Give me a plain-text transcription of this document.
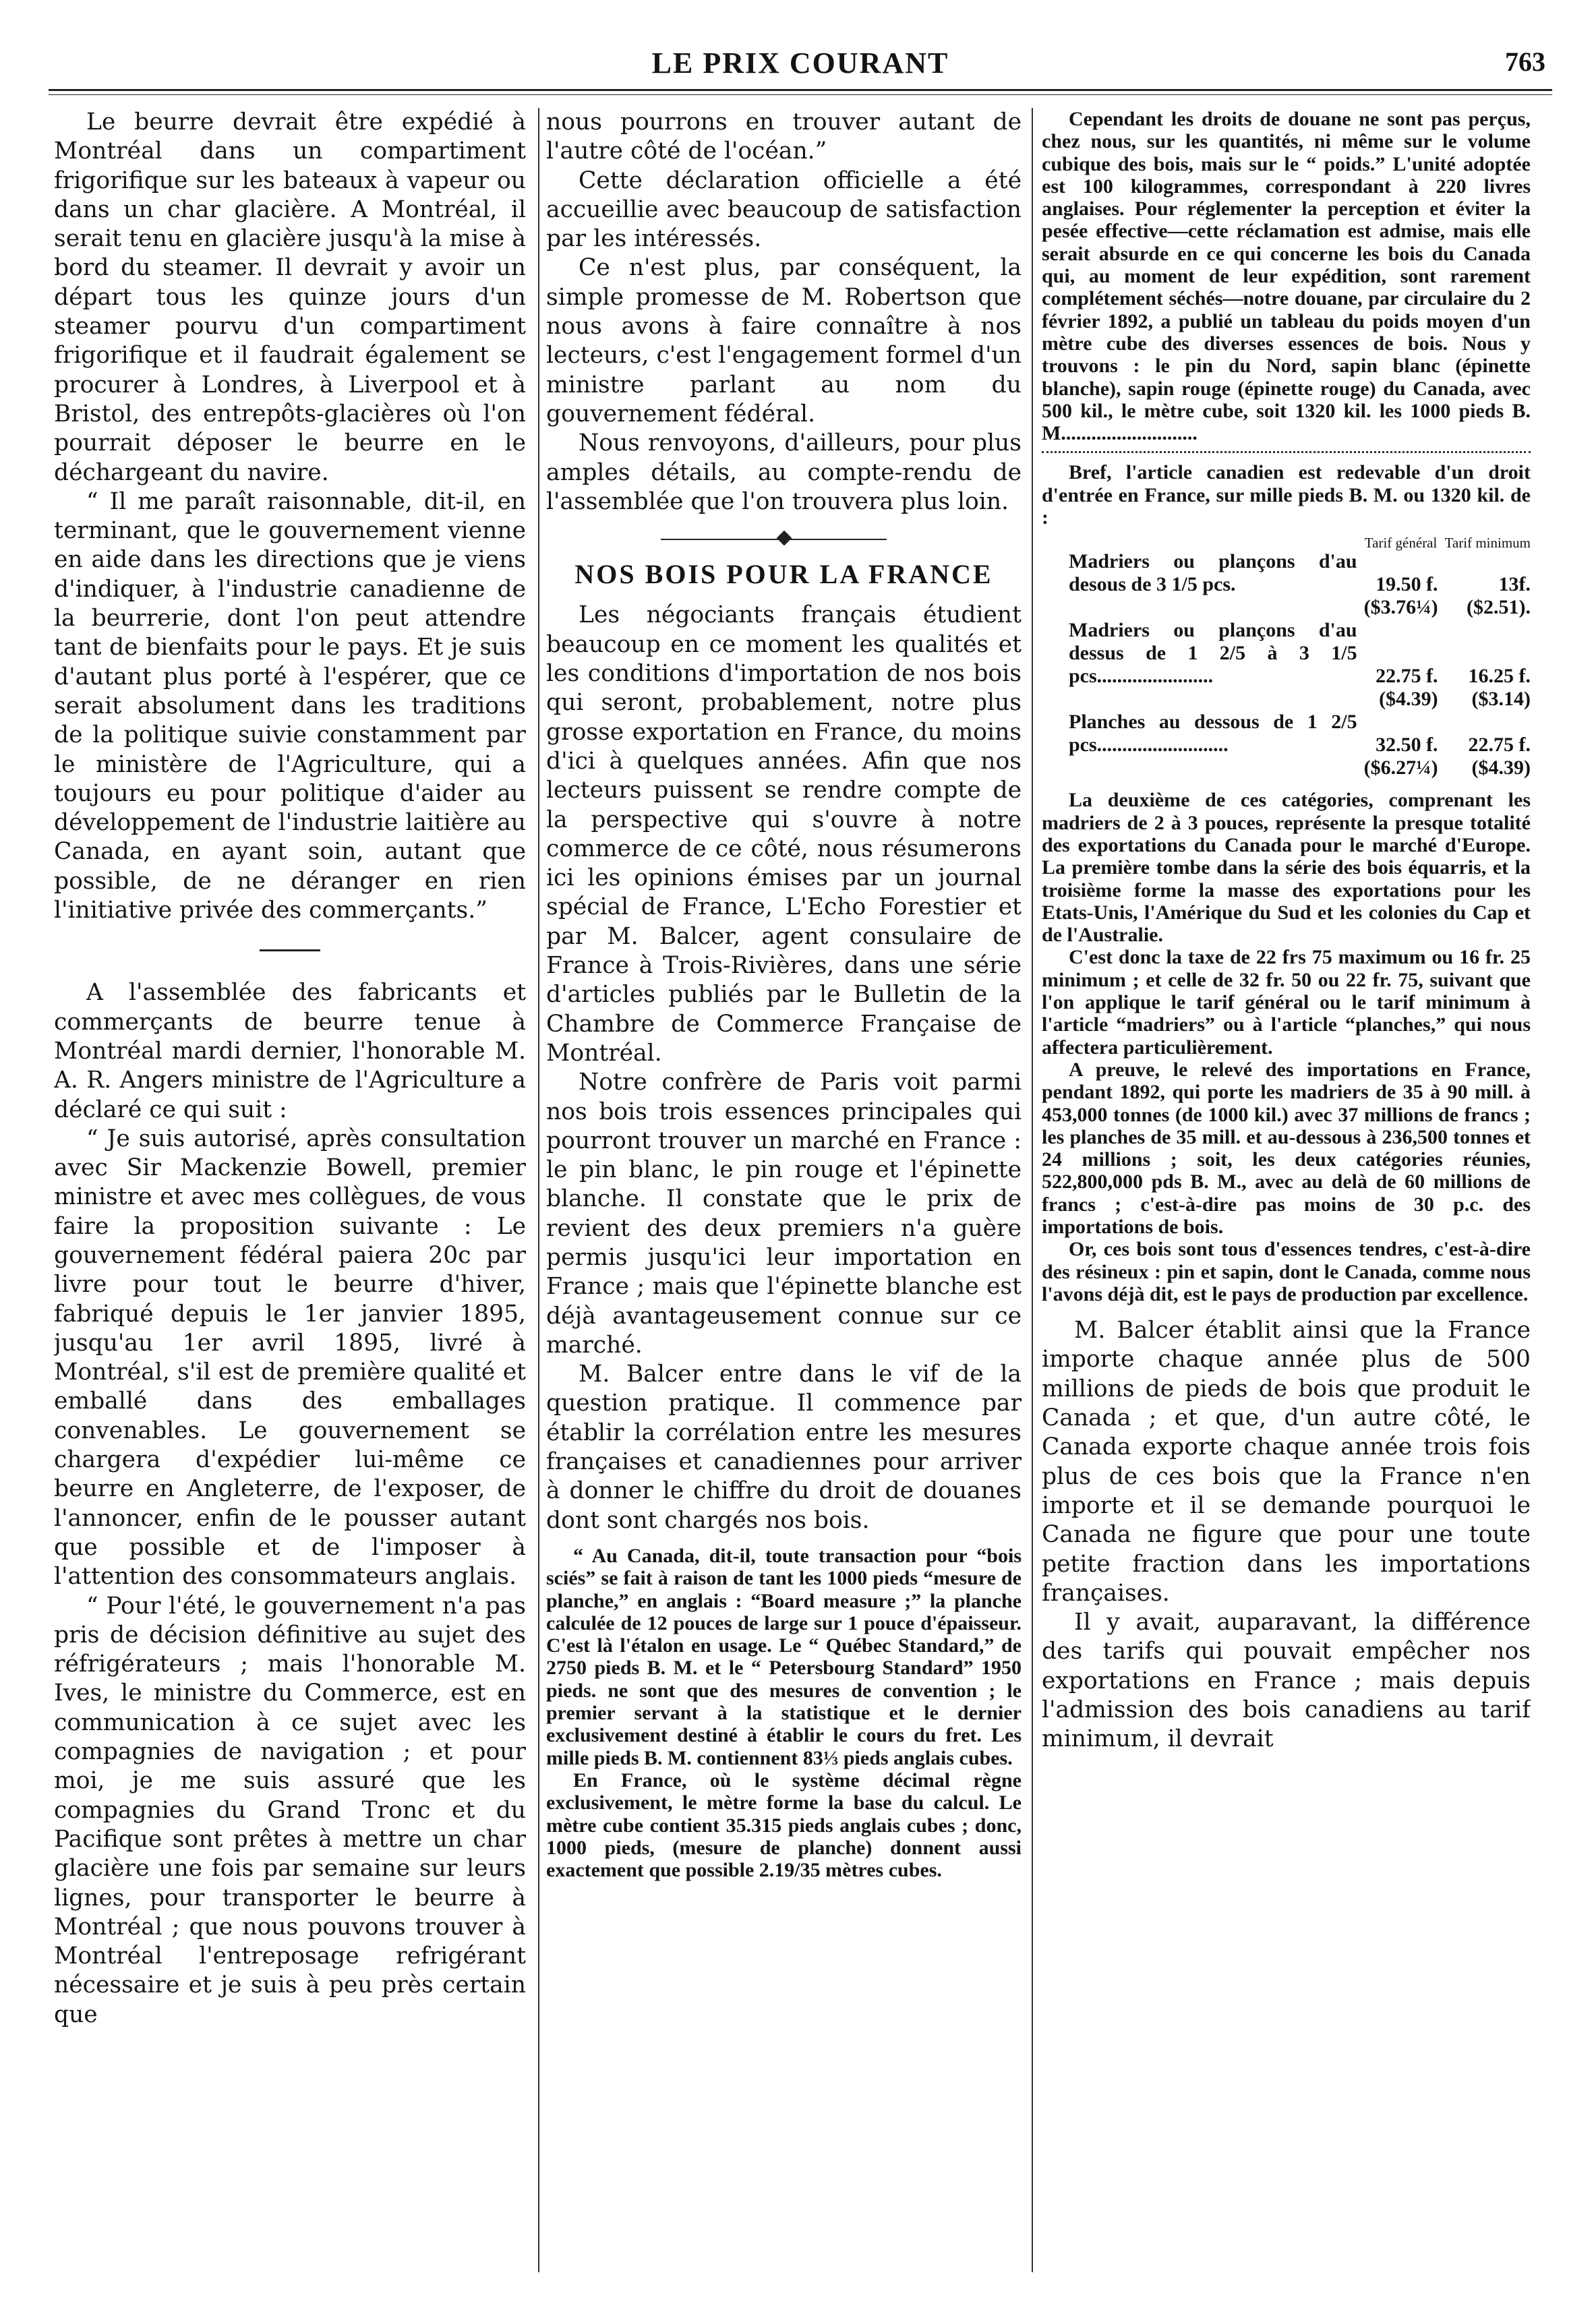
LE PRIX COURANT	763

Le beurre devrait être expédié à Montréal dans un compartiment frigorifique sur les bateaux à vapeur ou dans un char glacière. A Montréal, il serait tenu en glacière jusqu'à la mise à bord du steamer. Il devrait y avoir un départ tous les quinze jours d'un steamer pourvu d'un compartiment frigorifique et il faudrait également se procurer à Londres, à Liverpool et à Bristol, des entrepôts-glacières où l'on pourrait déposer le beurre en le déchargeant du navire.

“ Il me paraît raisonnable, dit-il, en terminant, que le gouvernement vienne en aide dans les directions que je viens d'indiquer, à l'industrie canadienne de la beurrerie, dont l'on peut attendre tant de bienfaits pour le pays. Et je suis d'autant plus porté à l'espérer, que ce serait absolument dans les traditions de la politique suivie constamment par le ministère de l'Agriculture, qui a toujours eu pour politique d'aider au développement de l'industrie laitière au Canada, en ayant soin, autant que possible, de ne déranger en rien l'initiative privée des commerçants.”

A l'assemblée des fabricants et commerçants de beurre tenue à Montréal mardi dernier, l'honorable M. A. R. Angers ministre de l'Agriculture a déclaré ce qui suit :

“ Je suis autorisé, après consultation avec Sir Mackenzie Bowell, premier ministre et avec mes collègues, de vous faire la proposition suivante : Le gouvernement fédéral paiera 20c par livre pour tout le beurre d'hiver, fabriqué depuis le 1er janvier 1895, jusqu'au 1er avril 1895, livré à Montréal, s'il est de première qualité et emballé dans des emballages convenables. Le gouvernement se chargera d'expédier lui-même ce beurre en Angleterre, de l'exposer, de l'annoncer, enfin de le pousser autant que possible et de l'imposer à l'attention des consommateurs anglais.

“ Pour l'été, le gouvernement n'a pas pris de décision définitive au sujet des réfrigérateurs ; mais l'honorable M. Ives, le ministre du Commerce, est en communication à ce sujet avec les compagnies de navigation ; et pour moi, je me suis assuré que les compagnies du Grand Tronc et du Pacifique sont prêtes à mettre un char glacière une fois par semaine sur leurs lignes, pour transporter le beurre à Montréal ; que nous pouvons trouver à Montréal l'entreposage refrigérant nécessaire et je suis à peu près certain que

nous pourrons en trouver autant de l'autre côté de l'océan.”

Cette déclaration officielle a été accueillie avec beaucoup de satisfaction par les intéressés.

Ce n'est plus, par conséquent, la simple promesse de M. Robertson que nous avons à faire connaître à nos lecteurs, c'est l'engagement formel d'un ministre parlant au nom du gouvernement fédéral.

Nous renvoyons, d'ailleurs, pour plus amples détails, au compte-rendu de l'assemblée que l'on trouvera plus loin.

NOS BOIS POUR LA FRANCE

Les négociants français étudient beaucoup en ce moment les qualités et les conditions d'importation de nos bois qui seront, probablement, notre plus grosse exportation en France, du moins d'ici à quelques années. Afin que nos lecteurs puissent se rendre compte de la perspective qui s'ouvre à notre commerce de ce côté, nous résumerons ici les opinions émises par un journal spécial de France, L'Echo Forestier et par M. Balcer, agent consulaire de France à Trois-Rivières, dans une série d'articles publiés par le Bulletin de la Chambre de Commerce Française de Montréal.

Notre confrère de Paris voit parmi nos bois trois essences principales qui pourront trouver un marché en France : le pin blanc, le pin rouge et l'épinette blanche. Il constate que le prix de revient des deux premiers n'a guère permis jusqu'ici leur importation en France ; mais que l'épinette blanche est déjà avantageusement connue sur ce marché.

M. Balcer entre dans le vif de la question pratique. Il commence par établir la corrélation entre les mesures françaises et canadiennes pour arriver à donner le chiffre du droit de douanes dont sont chargés nos bois.

“ Au Canada, dit-il, toute transaction pour “bois sciés” se fait à raison de tant les 1000 pieds “mesure de planche,” en anglais : “Board measure ;” la planche calculée de 12 pouces de large sur 1 pouce d'épaisseur. C'est là l'étalon en usage. Le “ Québec Standard,” de 2750 pieds B. M. et le “ Petersbourg Standard” 1950 pieds. ne sont que des mesures de convention ; le premier servant à la statistique et le dernier exclusivement destiné à établir le cours du fret. Les mille pieds B. M. contiennent 83⅓ pieds anglais cubes.

En France, où le système décimal règne exclusivement, le mètre forme la base du calcul. Le mètre cube contient 35.315 pieds anglais cubes ; donc, 1000 pieds, (mesure de planche) donnent aussi exactement que possible 2.19/35 mètres cubes.

Cependant les droits de douane ne sont pas perçus, chez nous, sur les quantités, ni même sur le volume cubique des bois, mais sur le “ poids.” L'unité adoptée est 100 kilogrammes, correspondant à 220 livres anglaises. Pour réglementer la perception et éviter la pesée effective—cette réclamation est admise, mais elle serait absurde en ce qui concerne les bois du Canada qui, au moment de leur expédition, sont rarement complétement séchés—notre douane, par circulaire du 2 février 1892, a publié un tableau du poids moyen d'un mètre cube des diverses essences de bois. Nous y trouvons : le pin du Nord, sapin blanc (épinette blanche), sapin rouge (épinette rouge) du Canada, avec 500 kil., le mètre cube, soit 1320 kil. les 1000 pieds B. M...........................

Bref, l'article canadien est redevable d'un droit d'entrée en France, sur mille pieds B. M. ou 1320 kil. de :

	Tarif général	Tarif minimum
Madriers ou plançons d'au desous de 3 1/5 pcs.	19.50 f.	13f.
	($3.76¼)	($2.51).
Madriers ou plançons d'au dessus de 1 2/5 à 3 1/5 pcs.......................	22.75 f.	16.25 f.
	($4.39)	($3.14)
Planches au dessous de 1 2/5 pcs..........................	32.50 f.	22.75 f.
	($6.27¼)	($4.39)

La deuxième de ces catégories, comprenant les madriers de 2 à 3 pouces, représente la presque totalité des exportations du Canada pour le marché d'Europe. La première tombe dans la série des bois équarris, et la troisième forme la masse des exportations pour les Etats-Unis, l'Amérique du Sud et les colonies du Cap et de l'Australie.

C'est donc la taxe de 22 frs 75 maximum ou 16 fr. 25 minimum ; et celle de 32 fr. 50 ou 22 fr. 75, suivant que l'on applique le tarif général ou le tarif minimum à l'article “madriers” ou à l'article “planches,” qui nous affectera particulièrement.

A preuve, le relevé des importations en France, pendant 1892, qui porte les madriers de 35 à 90 mill. à 453,000 tonnes (de 1000 kil.) avec 37 millions de francs ; les planches de 35 mill. et au-dessous à 236,500 tonnes et 24 millions ; soit, les deux catégories réunies, 522,800,000 pds B. M., avec au delà de 60 millions de francs ; c'est-à-dire pas moins de 30 p.c. des importations de bois.

Or, ces bois sont tous d'essences tendres, c'est-à-dire des résineux : pin et sapin, dont le Canada, comme nous l'avons déjà dit, est le pays de production par excellence.

M. Balcer établit ainsi que la France importe chaque année plus de 500 millions de pieds de bois que produit le Canada ; et que, d'un autre côté, le Canada exporte chaque année trois fois plus de ces bois que la France n'en importe et il se demande pourquoi le Canada ne figure que pour une toute petite fraction dans les importations françaises.

Il y avait, auparavant, la différence des tarifs qui pouvait empêcher nos exportations en France ; mais depuis l'admission des bois canadiens au tarif minimum, il devrait
